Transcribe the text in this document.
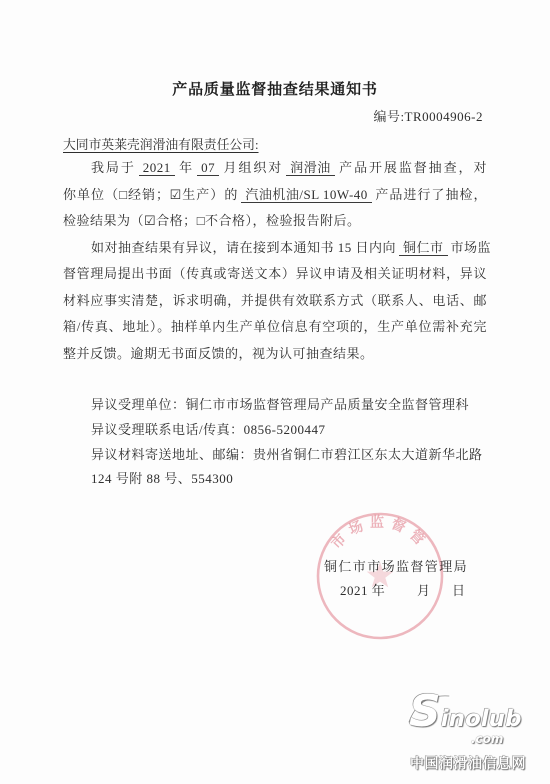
产品质量监督抽查结果通知书
编号:TR0004906-2
大同市英莱壳润滑油有限责任公司:
我局于 2021 年 07 月组织对 润滑油 产品开展监督抽查，对
你单位（□经销；☑生产）的 汽油机油/SL 10W-40 产品进行了抽检，
检验结果为（☑合格；□不合格），检验报告附后。
如对抽查结果有异议，请在接到本通知书 15 日内向 铜仁市 市场监
督管理局提出书面（传真或寄送文本）异议申请及相关证明材料，异议
材料应事实清楚，诉求明确，并提供有效联系方式（联系人、电话、邮
箱/传真、地址）。抽样单内生产单位信息有空项的，生产单位需补充完
整并反馈。逾期无书面反馈的，视为认可抽查结果。
异议受理单位：铜仁市市场监督管理局产品质量安全监督管理科
异议受理联系电话/传真：0856-5200447
异议材料寄送地址、邮编：贵州省铜仁市碧江区东太大道新华北路
124 号附 88 号、554300
铜仁市市场监督管理局
2021 年 月 日
市场监督管
Sinolub
.com
中国润滑油信息网
